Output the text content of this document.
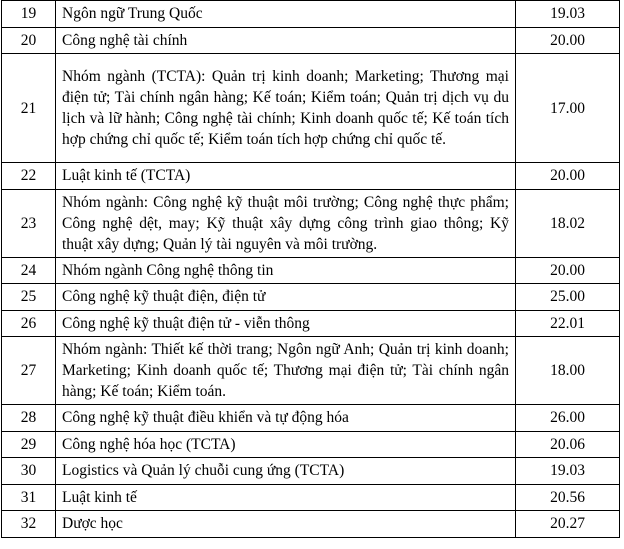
19	Ngôn ngữ Trung Quốc	19.03
20	Công nghệ tài chính	20.00
21	Nhóm ngành (TCTA): Quản trị kinh doanh; Marketing; Thương mại điện tử; Tài chính ngân hàng; Kế toán; Kiểm toán; Quản trị dịch vụ du lịch và lữ hành; Công nghệ tài chính; Kinh doanh quốc tế; Kế toán tích hợp chứng chỉ quốc tế; Kiểm toán tích hợp chứng chỉ quốc tế.	17.00
22	Luật kinh tế (TCTA)	20.00
23	Nhóm ngành: Công nghệ kỹ thuật môi trường; Công nghệ thực phẩm; Công nghệ dệt, may; Kỹ thuật xây dựng công trình giao thông; Kỹ thuật xây dựng; Quản lý tài nguyên và môi trường.	18.02
24	Nhóm ngành Công nghệ thông tin	20.00
25	Công nghệ kỹ thuật điện, điện tử	25.00
26	Công nghệ kỹ thuật điện tử - viễn thông	22.01
27	Nhóm ngành: Thiết kế thời trang; Ngôn ngữ Anh; Quản trị kinh doanh; Marketing; Kinh doanh quốc tế; Thương mại điện tử; Tài chính ngân hàng; Kế toán; Kiểm toán.	18.00
28	Công nghệ kỹ thuật điều khiển và tự động hóa	26.00
29	Công nghệ hóa học (TCTA)	20.06
30	Logistics và Quản lý chuỗi cung ứng (TCTA)	19.03
31	Luật kinh tế	20.56
32	Dược học	20.27
